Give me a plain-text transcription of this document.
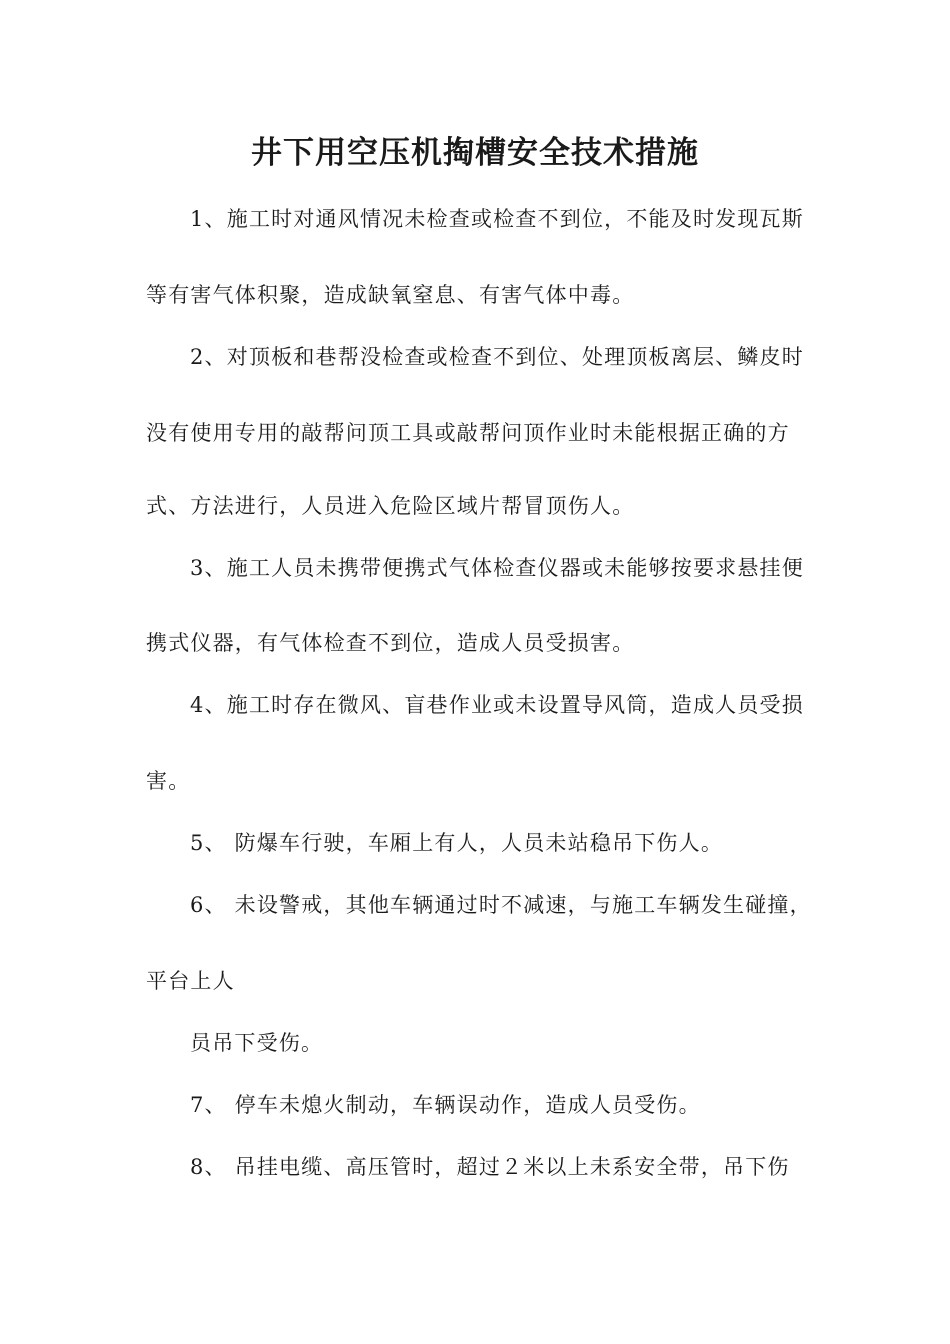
井下用空压机掏槽安全技术措施
1、施工时对通风情况未检查或检查不到位，不能及时发现瓦斯
等有害气体积聚，造成缺氧窒息、有害气体中毒。
2、对顶板和巷帮没检查或检查不到位、处理顶板离层、鳞皮时
没有使用专用的敲帮问顶工具或敲帮问顶作业时未能根据正确的方
式、方法进行，人员进入危险区域片帮冒顶伤人。
3、施工人员未携带便携式气体检查仪器或未能够按要求悬挂便
携式仪器，有气体检查不到位，造成人员受损害。
4、施工时存在微风、盲巷作业或未设置导风筒，造成人员受损
害。
5、 防爆车行驶，车厢上有人，人员未站稳吊下伤人。
6、 未设警戒，其他车辆通过时不减速，与施工车辆发生碰撞，
平台上人
员吊下受伤。
7、 停车未熄火制动，车辆误动作，造成人员受伤。
8、 吊挂电缆、高压管时，超过２米以上未系安全带，吊下伤
